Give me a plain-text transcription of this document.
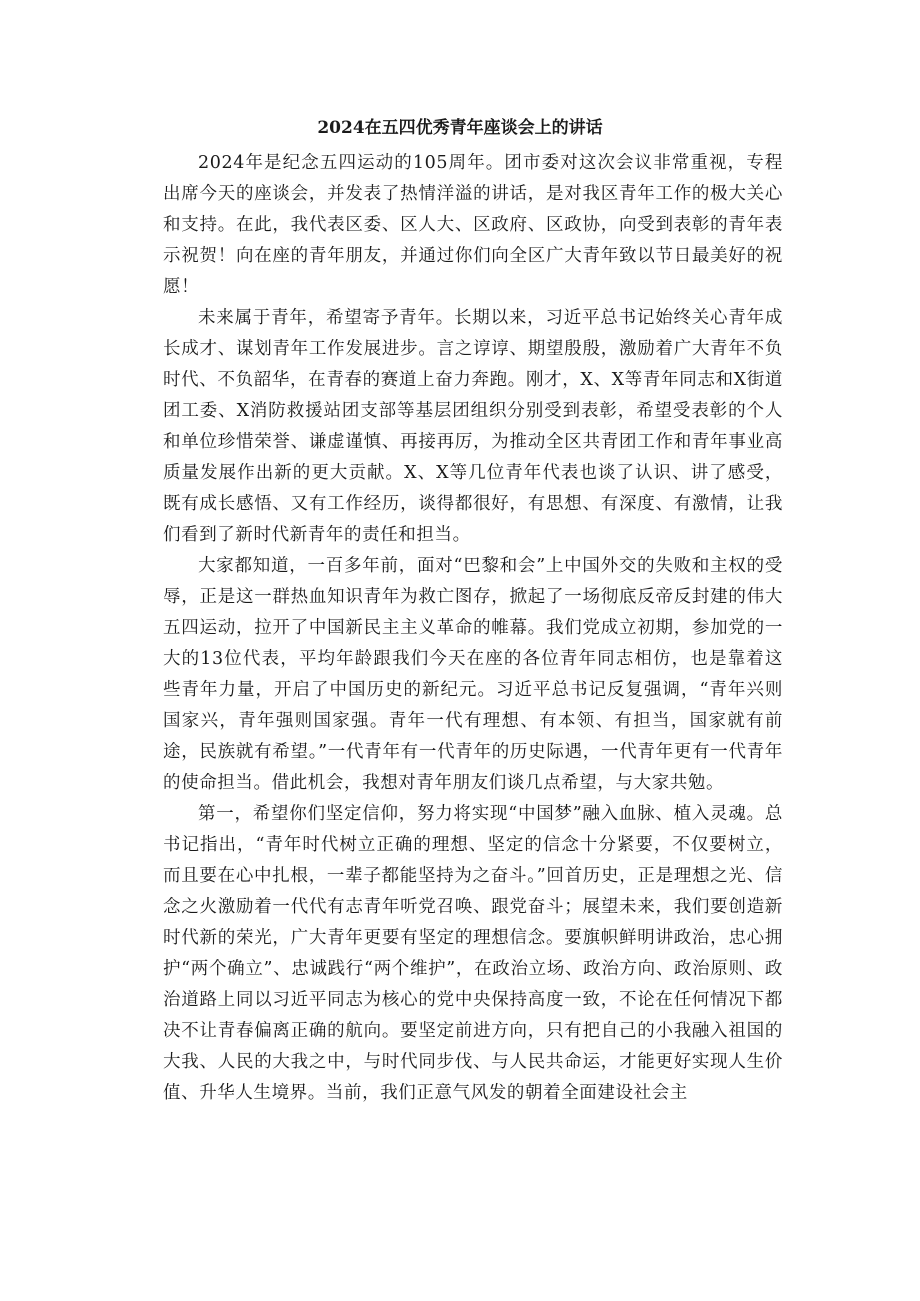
2024在五四优秀青年座谈会上的讲话

2024年是纪念五四运动的105周年。团市委对这次会议非常重视，专程出席今天的座谈会，并发表了热情洋溢的讲话，是对我区青年工作的极大关心和支持。在此，我代表区委、区人大、区政府、区政协，向受到表彰的青年表示祝贺！向在座的青年朋友，并通过你们向全区广大青年致以节日最美好的祝愿！

未来属于青年，希望寄予青年。长期以来，习近平总书记始终关心青年成长成才、谋划青年工作发展进步。言之谆谆、期望殷殷，激励着广大青年不负时代、不负韶华，在青春的赛道上奋力奔跑。刚才，X、X等青年同志和X街道团工委、X消防救援站团支部等基层团组织分别受到表彰，希望受表彰的个人和单位珍惜荣誉、谦虚谨慎、再接再厉，为推动全区共青团工作和青年事业高质量发展作出新的更大贡献。X、X等几位青年代表也谈了认识、讲了感受，既有成长感悟、又有工作经历，谈得都很好，有思想、有深度、有激情，让我们看到了新时代新青年的责任和担当。

大家都知道，一百多年前，面对“巴黎和会”上中国外交的失败和主权的受辱，正是这一群热血知识青年为救亡图存，掀起了一场彻底反帝反封建的伟大五四运动，拉开了中国新民主主义革命的帷幕。我们党成立初期，参加党的一大的13位代表，平均年龄跟我们今天在座的各位青年同志相仿，也是靠着这些青年力量，开启了中国历史的新纪元。习近平总书记反复强调，“青年兴则国家兴，青年强则国家强。青年一代有理想、有本领、有担当，国家就有前途，民族就有希望。”一代青年有一代青年的历史际遇，一代青年更有一代青年的使命担当。借此机会，我想对青年朋友们谈几点希望，与大家共勉。

第一，希望你们坚定信仰，努力将实现“中国梦”融入血脉、植入灵魂。总书记指出，“青年时代树立正确的理想、坚定的信念十分紧要，不仅要树立，而且要在心中扎根，一辈子都能坚持为之奋斗。”回首历史，正是理想之光、信念之火激励着一代代有志青年听党召唤、跟党奋斗；展望未来，我们要创造新时代新的荣光，广大青年更要有坚定的理想信念。要旗帜鲜明讲政治，忠心拥护“两个确立”、忠诚践行“两个维护”，在政治立场、政治方向、政治原则、政治道路上同以习近平同志为核心的党中央保持高度一致，不论在任何情况下都决不让青春偏离正确的航向。要坚定前进方向，只有把自己的小我融入祖国的大我、人民的大我之中，与时代同步伐、与人民共命运，才能更好实现人生价值、升华人生境界。当前，我们正意气风发的朝着全面建设社会主
